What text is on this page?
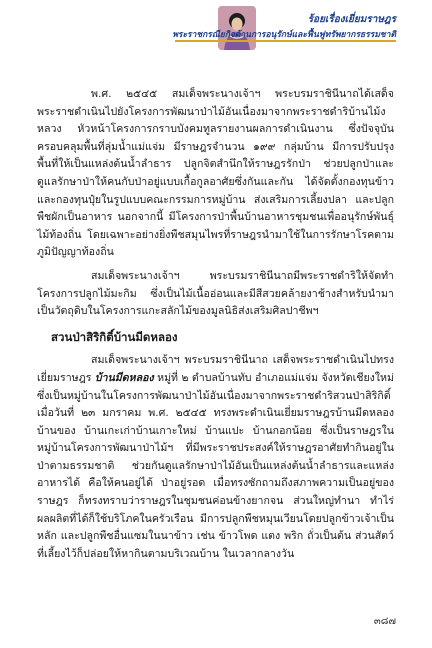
ร้อยเรื่องเยี่ยมราษฎร
พระราชกรณียกิจด้านการอนุรักษ์และฟื้นฟูทรัพยากรธรรมชาติ

พ.ศ. ๒๕๔๕ สมเด็จพระนางเจ้าฯ พระบรมราชินีนาถได้เสด็จพระราชดำเนินไปยังโครงการพัฒนาป่าไม้อันเนื่องมาจากพระราชดำริบ้านไม้งหลวง หัวหน้าโครงการกราบบังคมทูลรายงานผลการดำเนินงาน ซึ่งปัจจุบันครอบคลุมพื้นที่ลุ่มน้ำแม่แจ่ม มีราษฎรจำนวน ๑๙๙ กลุ่มบ้าน มีการปรับปรุงพื้นที่ให้เป็นแหล่งต้นน้ำลำธาร ปลูกจิตสำนึกให้ราษฎรรักป่า ช่วยปลูกป่าและดูแลรักษาป่าให้คนกับป่าอยู่แบบเกื้อกูลอาศัยซึ่งกันและกัน ได้จัดตั้งกองทุนข้าวและกองทุนปุ๋ยในรูปแบบคณะกรรมการหมู่บ้าน ส่งเสริมการเลี้ยงปลา และปลูกพืชผักเป็นอาหาร นอกจากนี้ มีโครงการป่าพื้นบ้านอาหารชุมชนเพื่ออนุรักษ์พันธุ์ไม้ท้องถิ่น โดยเฉพาะอย่างยิ่งพืชสมุนไพรที่ราษฎรนำมาใช้ในการรักษาโรคตามภูมิปัญญาท้องถิ่น

สมเด็จพระนางเจ้าฯ พระบรมราชินีนาถมีพระราชดำริให้จัดทำโครงการปลูกไม้มะกิม ซึ่งเป็นไม้เนื้ออ่อนและมีสีสวยคล้ายงาช้างสำหรับนำมาเป็นวัตถุดิบในโครงการแกะสลักไม้ของมูลนิธิส่งเสริมศิลปาชีพฯ

สวนป่าสิริกิติ์บ้านมีดหลอง

สมเด็จพระนางเจ้าฯ พระบรมราชินีนาถ เสด็จพระราชดำเนินไปทรงเยี่ยมราษฎร บ้านมีดหลอง หมู่ที่ ๒ ตำบลบ้านทับ อำเภอแม่แจ่ม จังหวัดเชียงใหม่ ซึ่งเป็นหมู่บ้านในโครงการพัฒนาป่าไม้อันเนื่องมาจากพระราชดำริสวนป่าสิริกิติ์ เมื่อวันที่ ๒๓ มกราคม พ.ศ. ๒๕๔๕ ทรงพระดำเนินเยี่ยมราษฎรบ้านมีดหลอง บ้านของ บ้านเกะเก่าบ้านเกาะใหม่ บ้านแปะ บ้านกอกน้อย ซึ่งเป็นราษฎรในหมู่บ้านโครงการพัฒนาป่าไม้ฯ ที่มีพระราชประสงค์ให้ราษฎรอาศัยทำกินอยู่ในป่าตามธรรมชาติ ช่วยกันดูแลรักษาป่าไม้อันเป็นแหล่งต้นน้ำลำธารและแหล่งอาหารได้ คือให้คนอยู่ได้ ป่าอยู่รอด เมื่อทรงซักถามถึงสภาพความเป็นอยู่ของราษฎร ก็ทรงทราบว่าราษฎรในชุมชนค่อนข้างยากจน ส่วนใหญ่ทำนา ทำไร่ ผลผลิตที่ได้ก็ใช้บริโภคในครัวเรือน มีการปลูกพืชหมุนเวียนโดยปลูกข้าวเจ้าเป็นหลัก และปลูกพืชอื่นแซมในนาข้าว เช่น ข้าวโพด แตง พริก ถั่วเป็นต้น ส่วนสัตว์ที่เลี้ยงไว้ก็ปล่อยให้หากินตามบริเวณบ้าน ในเวลากลางวัน

๓๘๗
